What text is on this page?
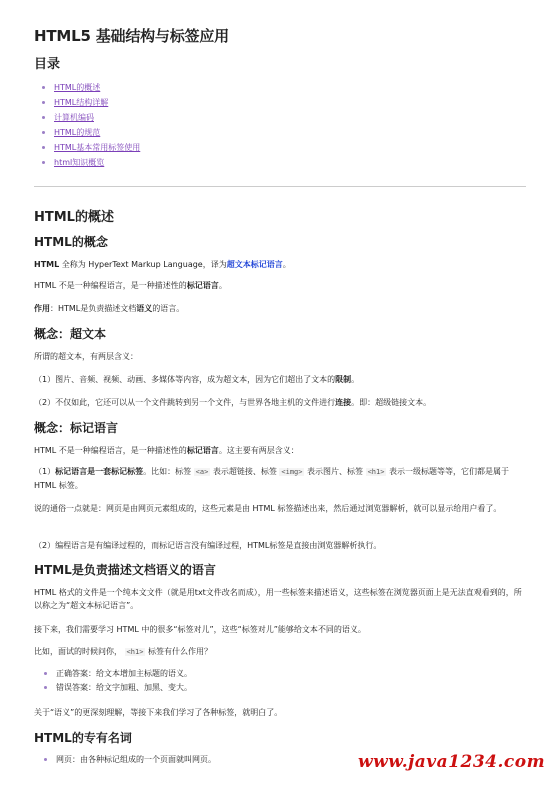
HTML5 基础结构与标签应用
目录
HTML的概述
HTML结构详解
计算机编码
HTML的规范
HTML基本常用标签使用
html知识概览
HTML的概述
HTML的概念

HTML 全称为 HyperText Markup Language，译为超文本标记语言。

HTML 不是一种编程语言，是一种描述性的标记语言。

作用：HTML是负责描述文档语义的语言。

概念：超文本

所谓的超文本，有两层含义：

（1）图片、音频、视频、动画、多媒体等内容，成为超文本，因为它们超出了文本的限制。

（2）不仅如此，它还可以从一个文件跳转到另一个文件，与世界各地主机的文件进行连接。即：超级链接文本。

概念：标记语言

HTML 不是一种编程语言，是一种描述性的标记语言。这主要有两层含义：

（1）标记语言是一套标记标签。比如：标签 <a> 表示超链接、标签 <img> 表示图片、标签 <h1> 表示一级标题等等，它们都是属于 HTML 标签。

说的通俗一点就是：网页是由网页元素组成的，这些元素是由 HTML 标签描述出来，然后通过浏览器解析，就可以显示给用户看了。

（2）编程语言是有编译过程的，而标记语言没有编译过程，HTML标签是直接由浏览器解析执行。

HTML是负责描述文档语义的语言

HTML 格式的文件是一个纯本文文件（就是用txt文件改名而成），用一些标签来描述语义，这些标签在浏览器页面上是无法直观看到的，所以称之为“超文本标记语言”。

接下来，我们需要学习 HTML 中的很多“标签对儿”，这些“标签对儿”能够给文本不同的语义。

比如，面试的时候问你， <h1> 标签有什么作用？

正确答案：给文本增加主标题的语义。
错误答案：给文字加粗、加黑、变大。

关于“语义”的更深刻理解，等接下来我们学习了各种标签，就明白了。

HTML的专有名词
网页：由各种标记组成的一个页面就叫网页。	www.java1234.com
